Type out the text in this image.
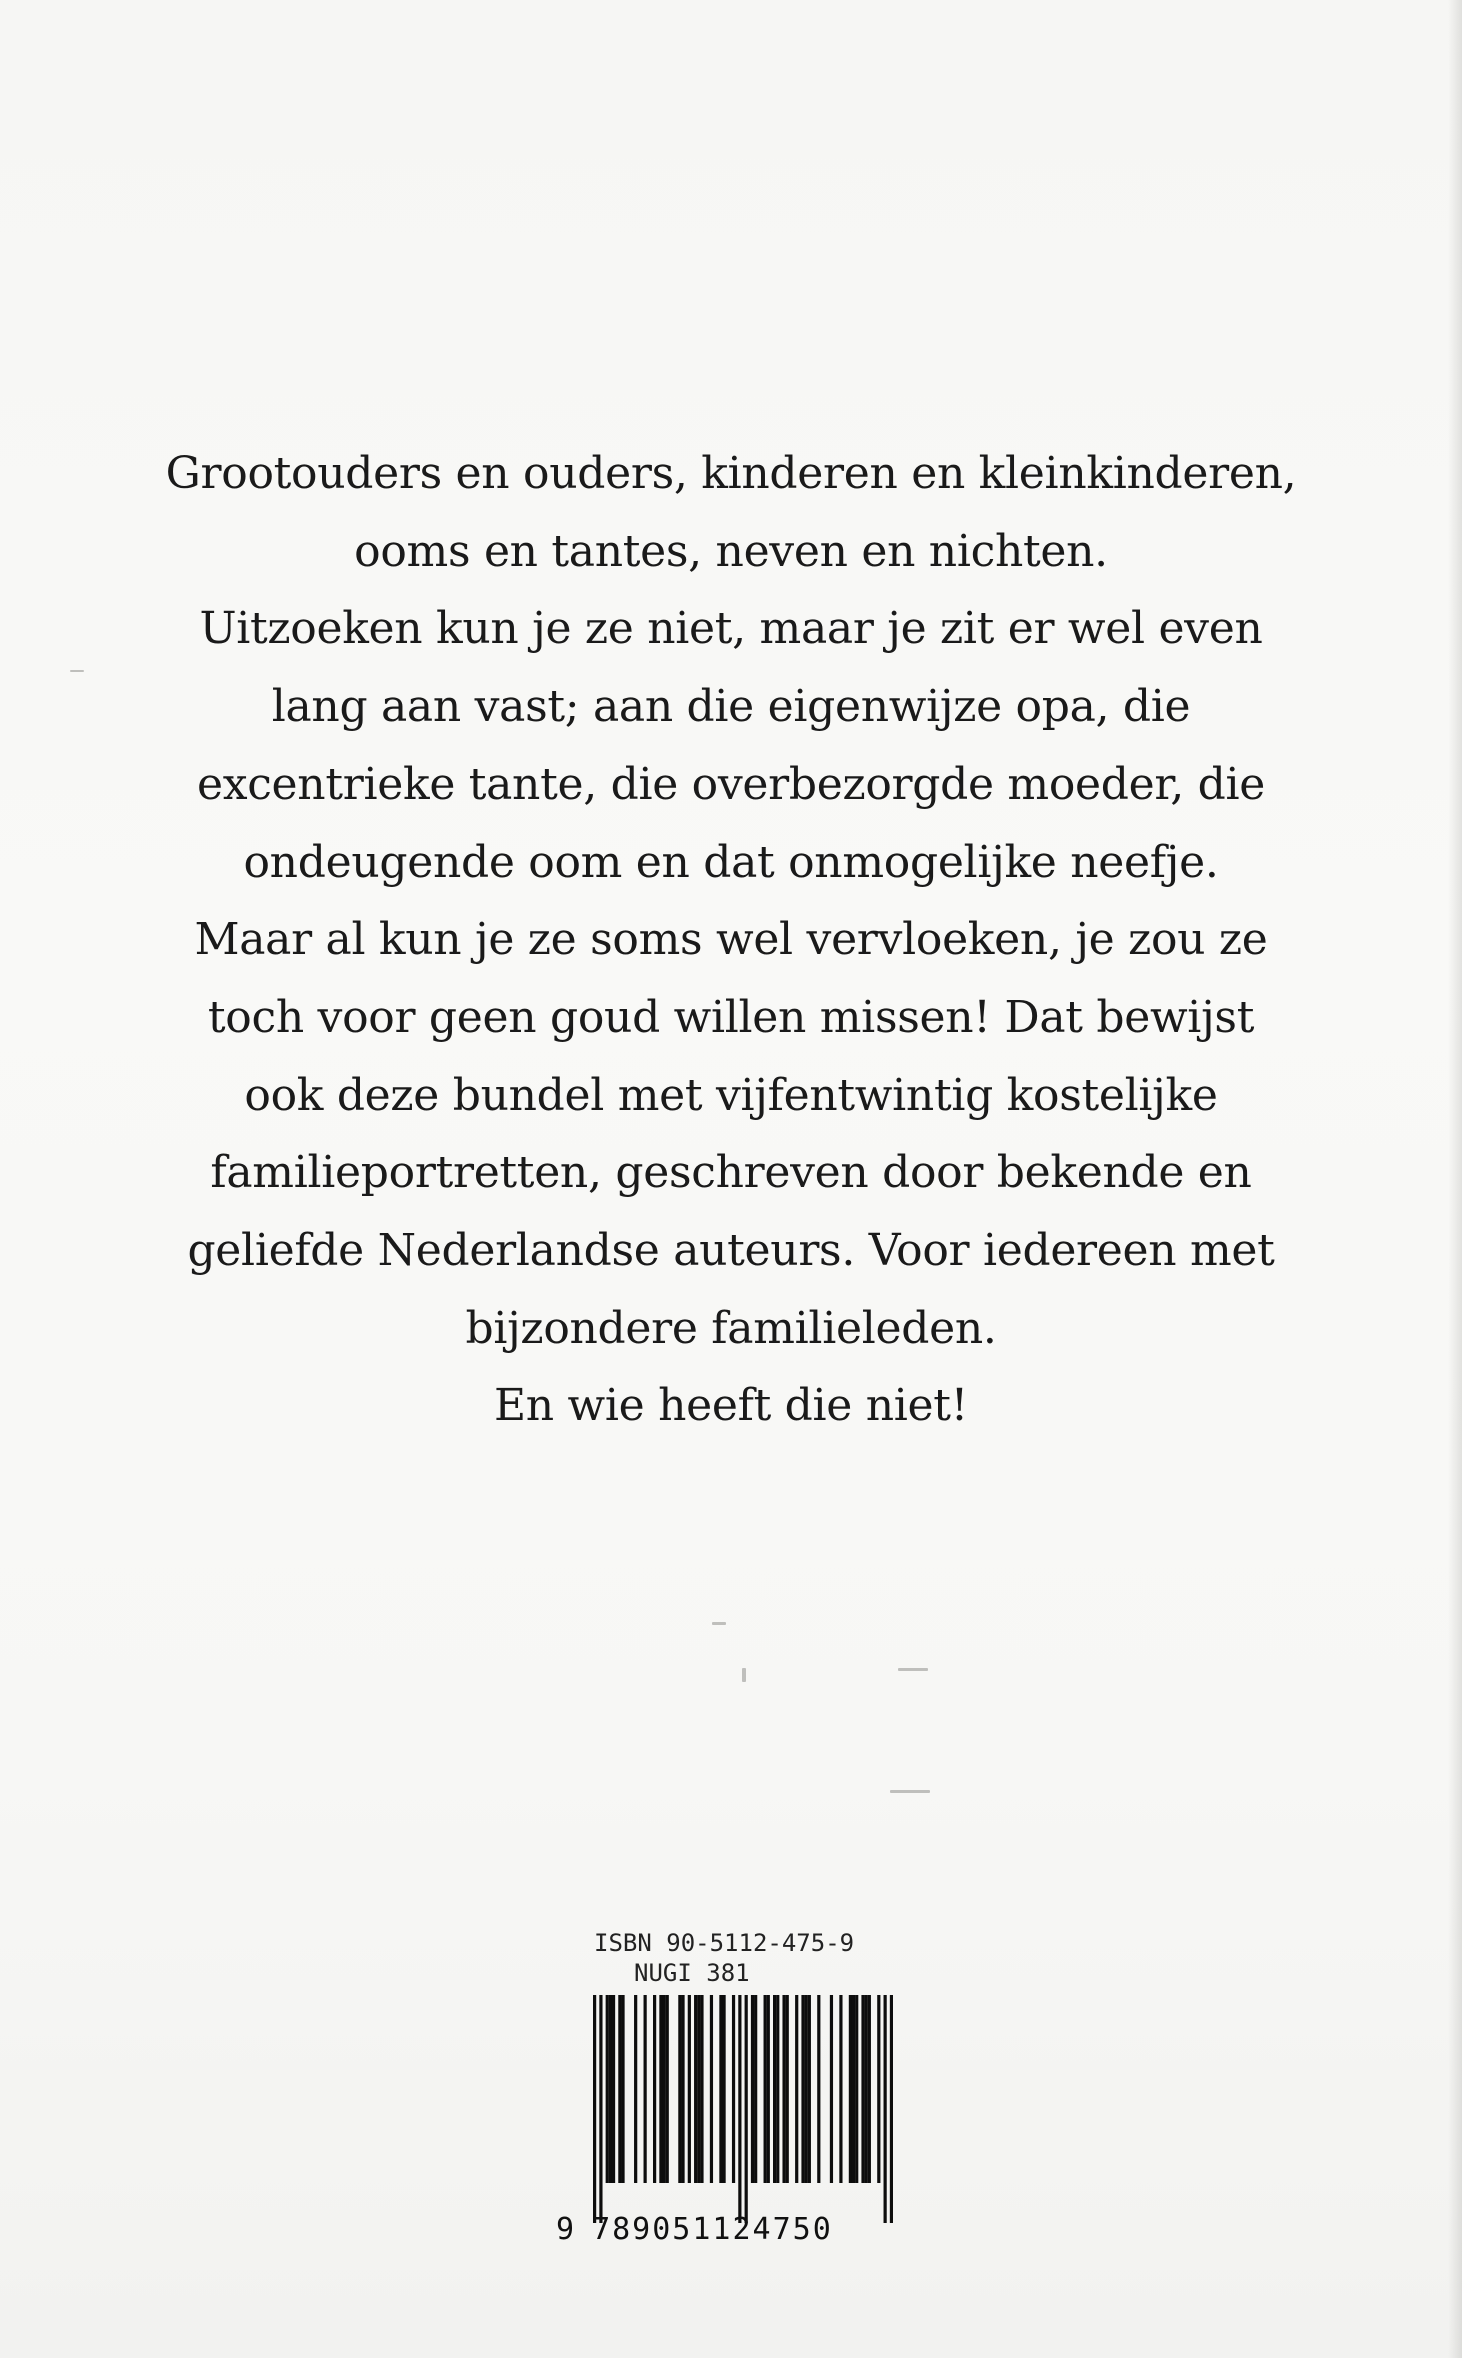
Grootouders en ouders, kinderen en kleinkinderen,
ooms en tantes, neven en nichten.
Uitzoeken kun je ze niet, maar je zit er wel even
lang aan vast; aan die eigenwijze opa, die
excentrieke tante, die overbezorgde moeder, die
ondeugende oom en dat onmogelijke neefje.
Maar al kun je ze soms wel vervloeken, je zou ze
toch voor geen goud willen missen! Dat bewijst
ook deze bundel met vijfentwintig kostelijke
familieportretten, geschreven door bekende en
geliefde Nederlandse auteurs. Voor iedereen met
bijzondere familieleden.
En wie heeft die niet!
ISBN 90-5112-475-9
NUGI 381
9 789051124750
